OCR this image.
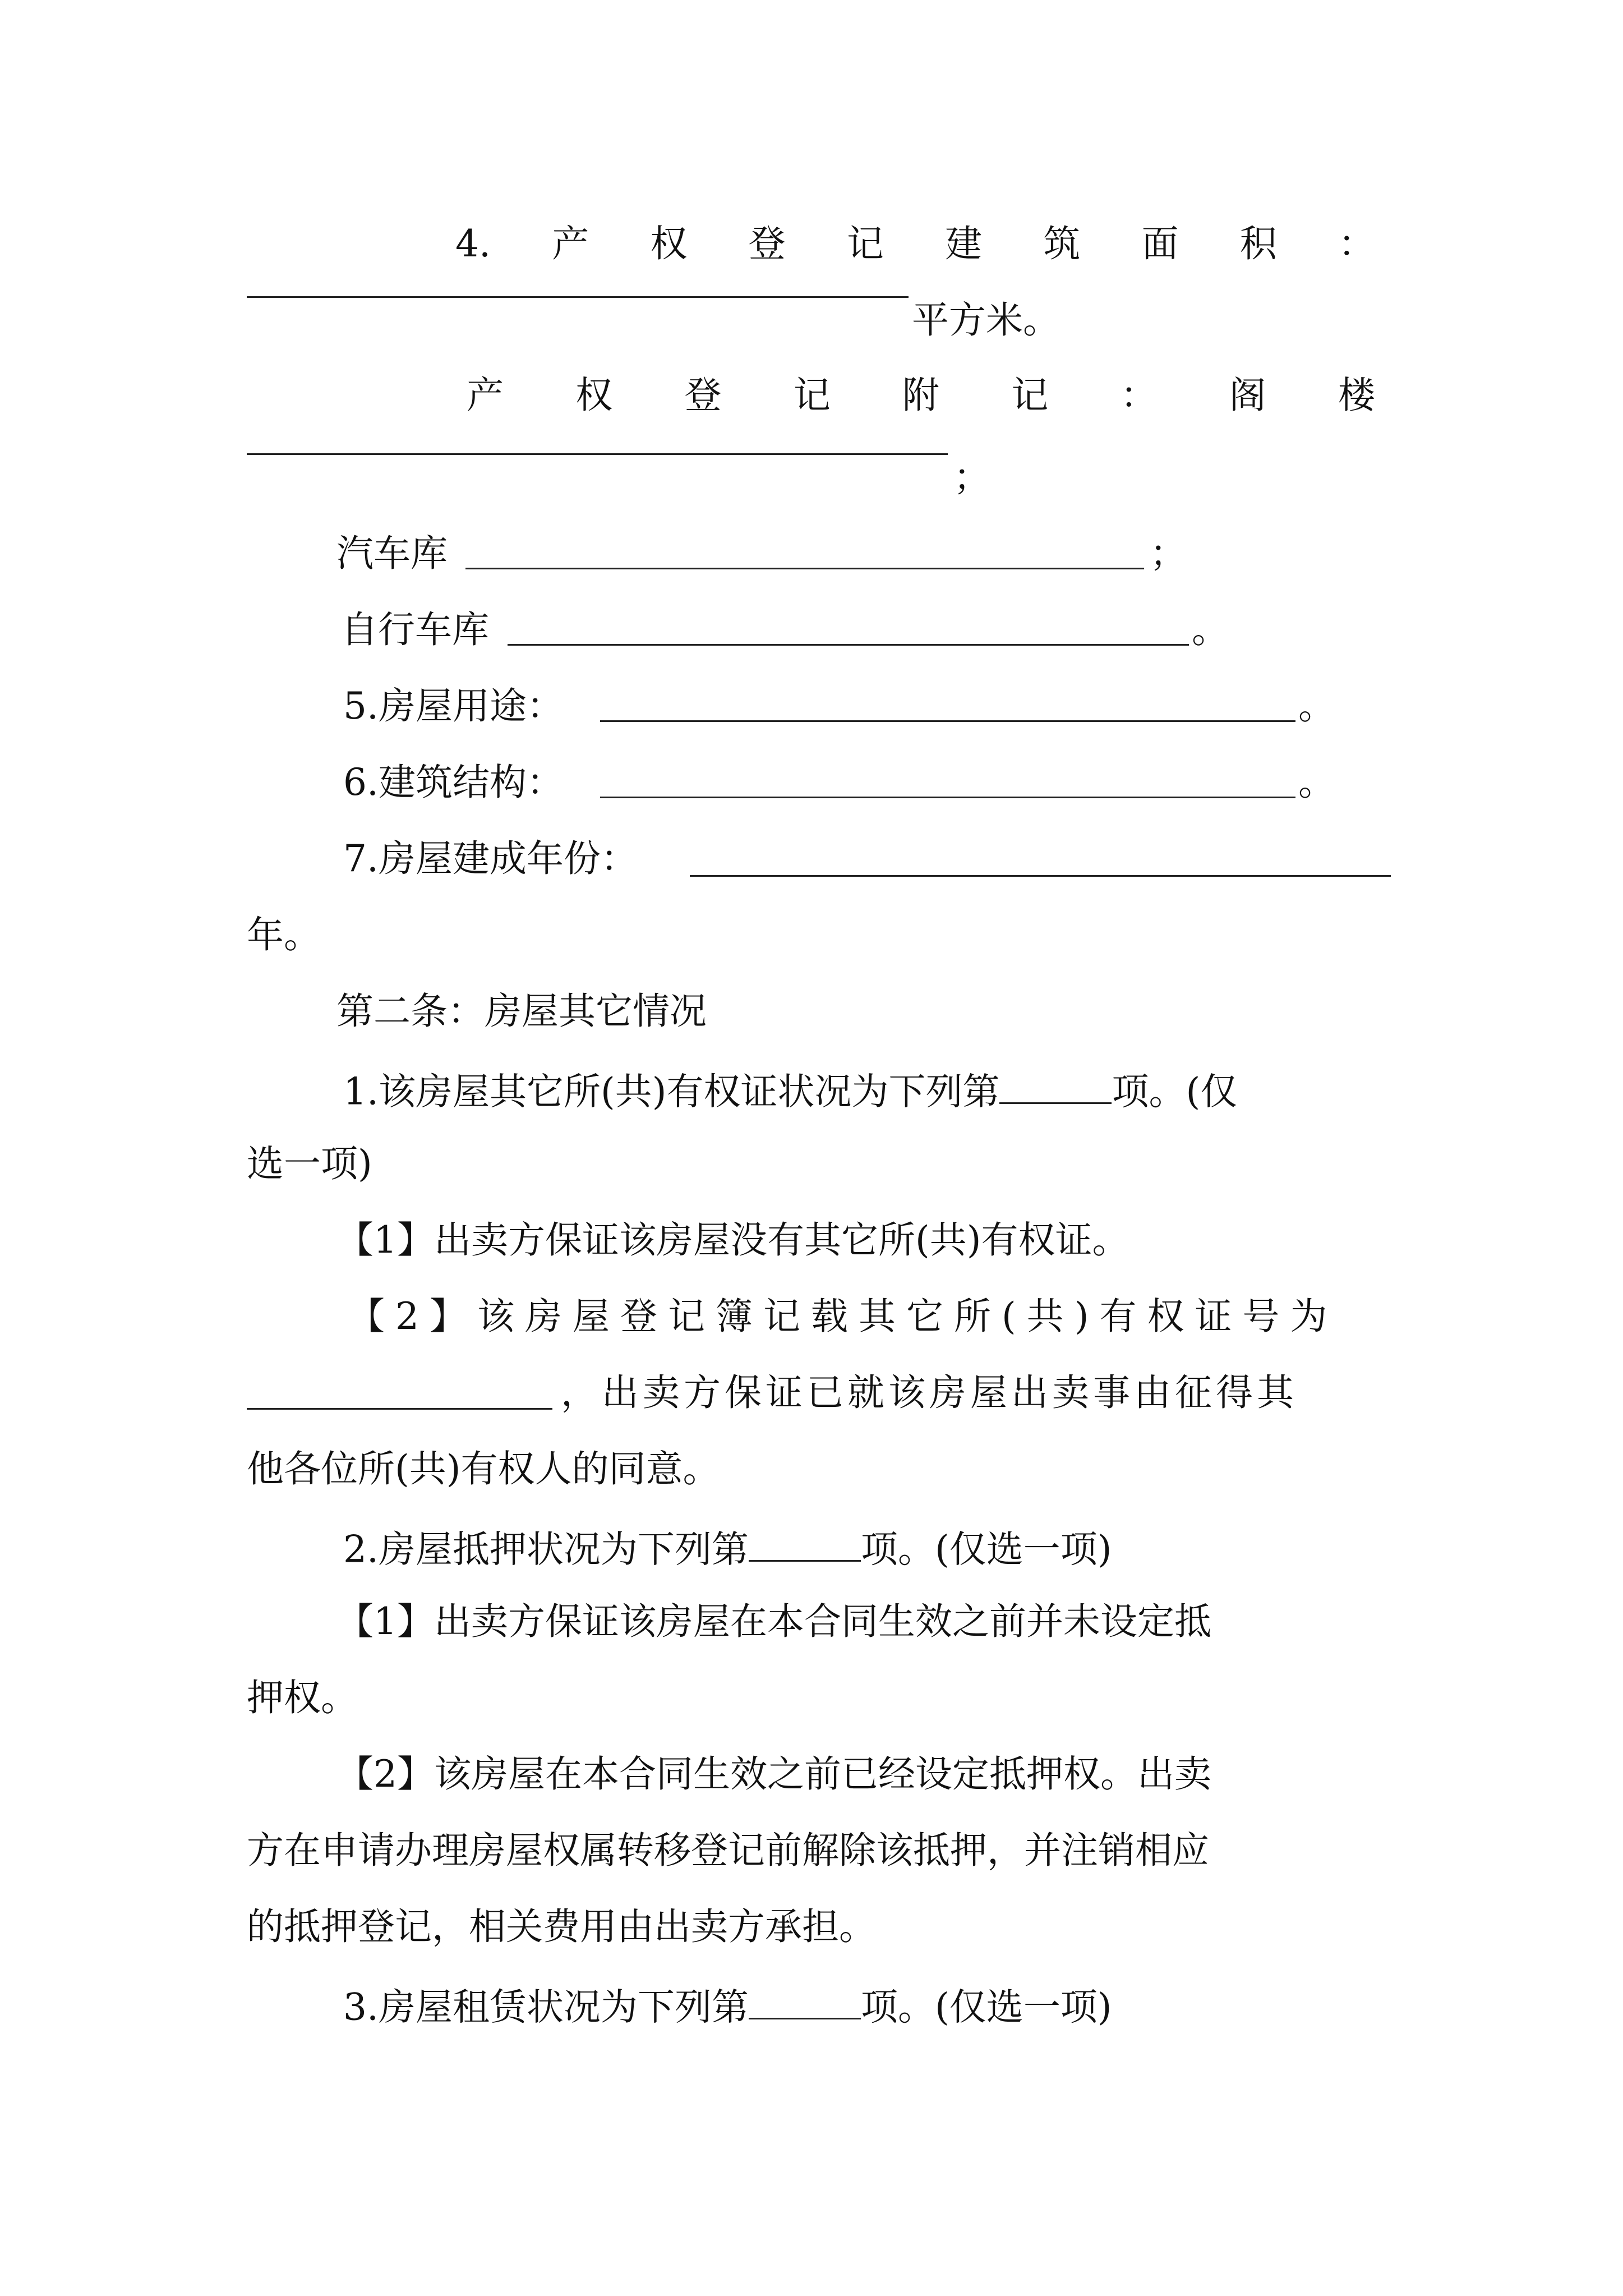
4. 产 权 登 记 建 筑 面 积 ：
平方米。
产 权 登 记 附 记 ： 阁 楼
；
汽车库	；
自行车库	。
5.房屋用途：	。
6.建筑结构：	。
7.房屋建成年份：
年。
第二条：房屋其它情况
1.该房屋其它所(共)有权证状况为下列第	项。(仅
选一项)
【1】出卖方保证该房屋没有其它所(共)有权证。
【2】该房屋登记簿记载其它所(共)有权证号为
，出卖方保证已就该房屋出卖事由征得其
他各位所(共)有权人的同意。
2.房屋抵押状况为下列第	项。(仅选一项)
【1】出卖方保证该房屋在本合同生效之前并未设定抵
押权。
【2】该房屋在本合同生效之前已经设定抵押权。出卖
方在申请办理房屋权属转移登记前解除该抵押，并注销相应
的抵押登记，相关费用由出卖方承担。
3.房屋租赁状况为下列第	项。(仅选一项)
